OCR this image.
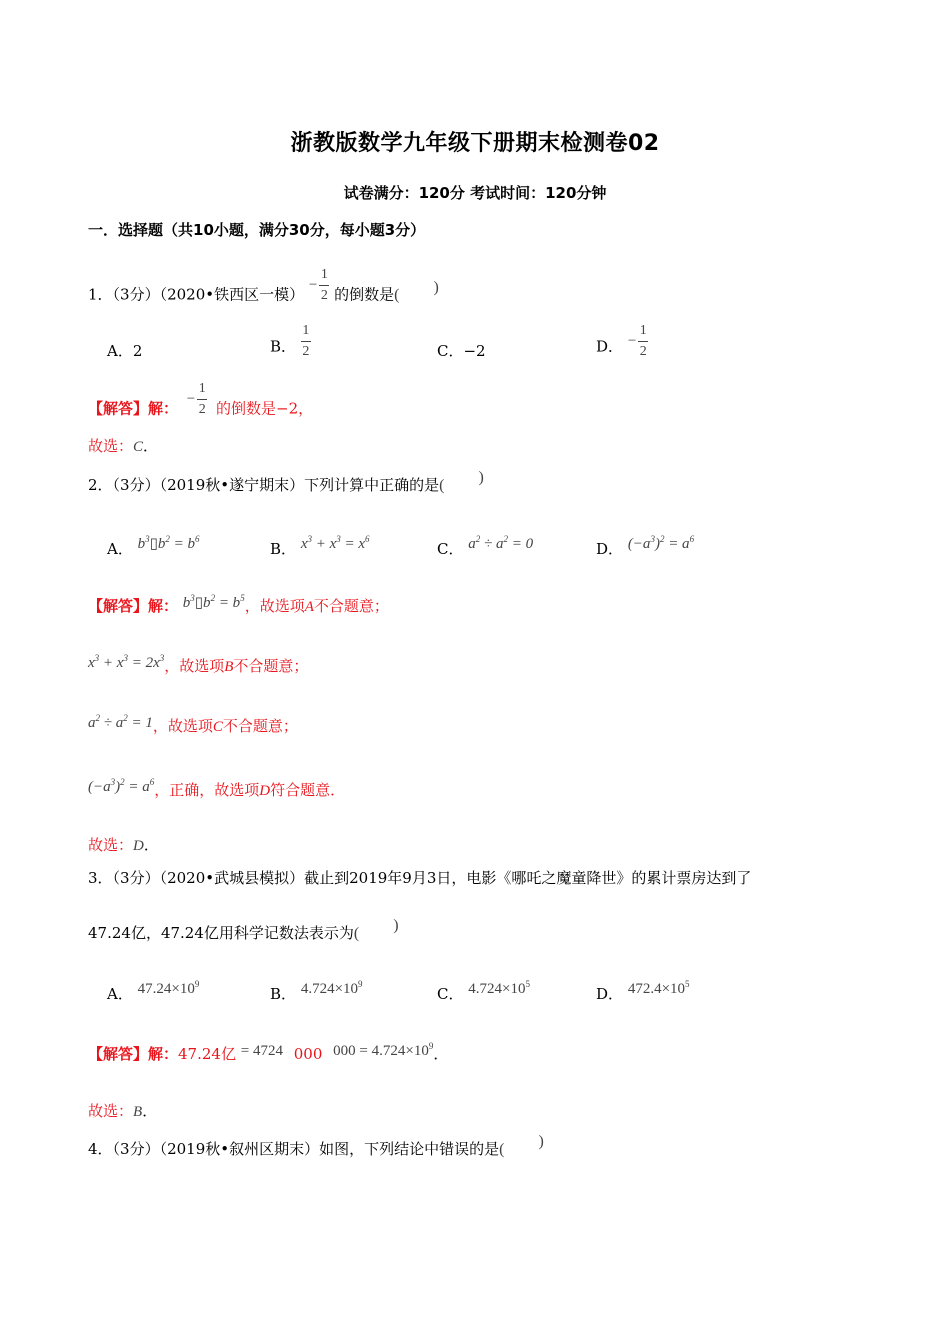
浙教版数学九年级下册期末检测卷02
试卷满分：120分 考试时间：120分钟
一．选择题（共10小题，满分30分，每小题3分）
1．（3分）（2020•铁西区一模） − $\frac{1}{2}$ 的倒数是( )
A．2	B． $\frac{1}{2}$	C．−2	D． − $\frac{1}{2}$
【解答】解： − $\frac{1}{2}$ 的倒数是−2，
故选：C．
2．（3分）（2019秋•遂宁期末）下列计算中正确的是( )
A． $b^3▯b^2 = b^6$
B． $x^3 + x^3 = x^6$
C． $a^2 \div a^2 = 0$	D． $(-a^3)^2 = a^6$
【解答】解： $b^3▯b^2 = b^5$，故选项A不合题意；
$x^3 + x^3 = 2x^3$，故选项B不合题意；
$a^2 \div a^2 = 1$，故选项C不合题意；
$(-a^3)^2 = a^6$，正确，故选项D符合题意．
故选：D．
3．（3分）（2020•武城县模拟）截止到2019年9月3日，电影《哪吒之魔童降世》的累计票房达到了
47.24亿，47.24亿用科学记数法表示为( )
A． $47.24\times 10^9$
B． $4.724\times 10^9$
C． $4.724\times 10^5$
D． $472.4\times 10^5$
【解答】解：47.24亿 = 4724 000 $000 = 4.724\times 10^9$．
故选：B．
4．（3分）（2019秋•叙州区期末）如图，下列结论中错误的是( )
